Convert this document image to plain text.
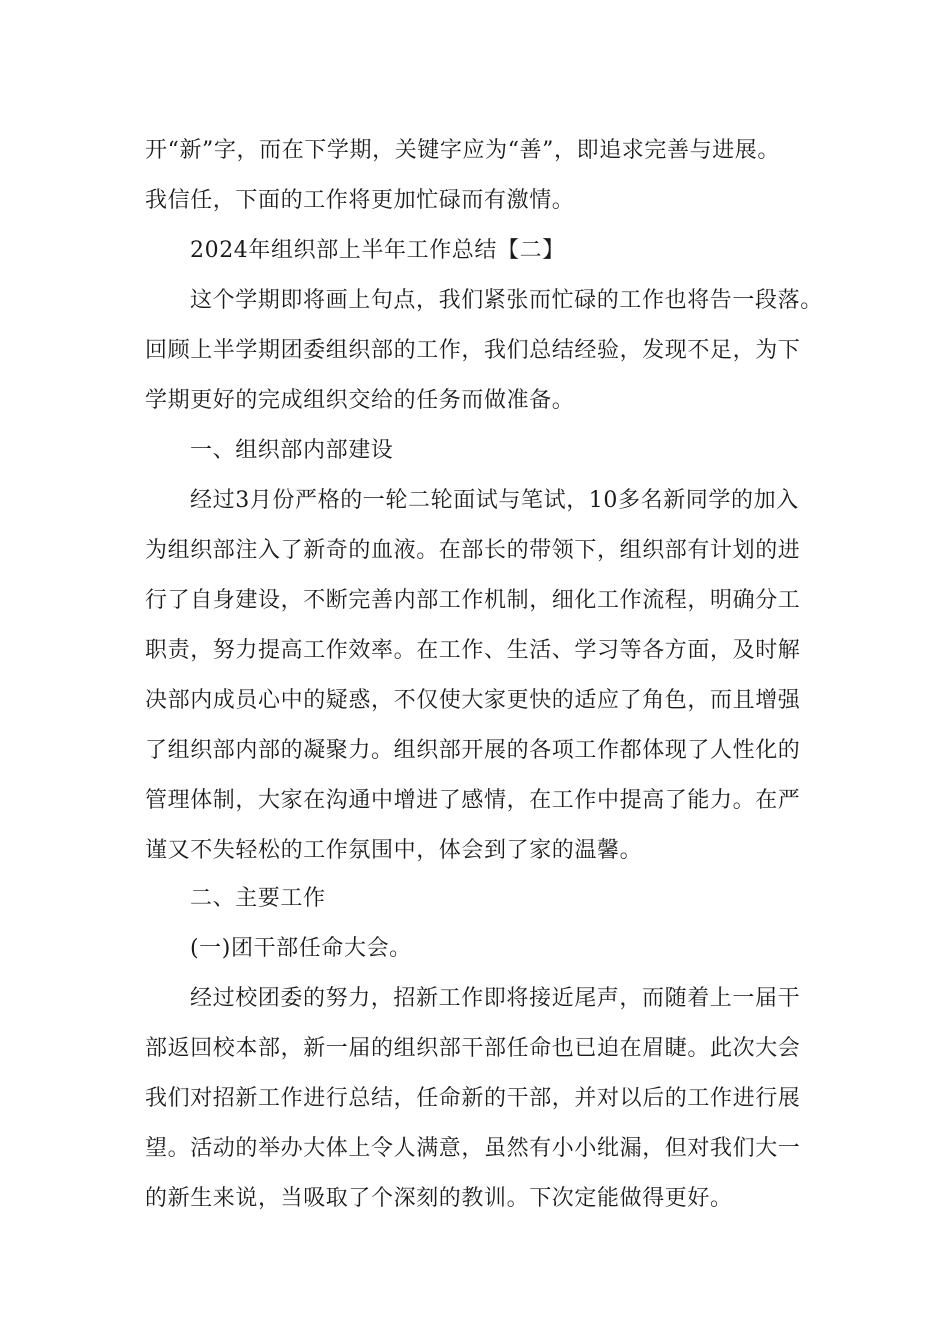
开“新”字，而在下学期，关键字应为“善”，即追求完善与进展。
我信任，下面的工作将更加忙碌而有激情。
2024年组织部上半年工作总结【二】
这个学期即将画上句点，我们紧张而忙碌的工作也将告一段落。
回顾上半学期团委组织部的工作，我们总结经验，发现不足，为下
学期更好的完成组织交给的任务而做准备。
一、组织部内部建设
经过3月份严格的一轮二轮面试与笔试，10多名新同学的加入
为组织部注入了新奇的血液。在部长的带领下，组织部有计划的进
行了自身建设，不断完善内部工作机制，细化工作流程，明确分工
职责，努力提高工作效率。在工作、生活、学习等各方面，及时解
决部内成员心中的疑惑，不仅使大家更快的适应了角色，而且增强
了组织部内部的凝聚力。组织部开展的各项工作都体现了人性化的
管理体制，大家在沟通中增进了感情，在工作中提高了能力。在严
谨又不失轻松的工作氛围中，体会到了家的温馨。
二、主要工作
(一)团干部任命大会。
经过校团委的努力，招新工作即将接近尾声，而随着上一届干
部返回校本部，新一届的组织部干部任命也已迫在眉睫。此次大会
我们对招新工作进行总结，任命新的干部，并对以后的工作进行展
望。活动的举办大体上令人满意，虽然有小小纰漏，但对我们大一
的新生来说，当吸取了个深刻的教训。下次定能做得更好。
